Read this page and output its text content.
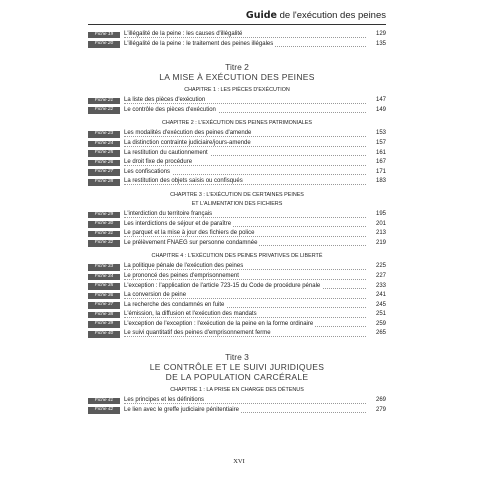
Guide de l'exécution des peines
Fiche 19	L'illégalité de la peine : les causes d'illégalité	129
Fiche 20	L'illégalité de la peine : le traitement des peines illégales	135
Titre 2
LA MISE À EXÉCUTION DES PEINES
CHAPITRE 1 : LES PIÈCES D'EXÉCUTION
Fiche 21	La liste des pièces d'exécution	147
Fiche 22	Le contrôle des pièces d'exécution	149
CHAPITRE 2 : L'EXÉCUTION DES PEINES PATRIMONIALES
Fiche 23	Les modalités d'exécution des peines d'amende	153
Fiche 24	La distinction contrainte judiciaire/jours-amende	157
Fiche 25	La restitution du cautionnement	161
Fiche 26	Le droit fixe de procédure	167
Fiche 27	Les confiscations	171
Fiche 28	La restitution des objets saisis ou confisqués	183
CHAPITRE 3 : L'EXÉCUTION DE CERTAINES PEINES
ET L'ALIMENTATION DES FICHIERS
Fiche 29	L'interdiction du territoire français	195
Fiche 30	Les interdictions de séjour et de paraître	201
Fiche 31	Le parquet et la mise à jour des fichiers de police	213
Fiche 32	Le prélèvement FNAEG sur personne condamnée	219
CHAPITRE 4 : L'EXÉCUTION DES PEINES PRIVATIVES DE LIBERTÉ
Fiche 33	La politique pénale de l'exécution des peines	225
Fiche 34	Le prononcé des peines d'emprisonnement	227
Fiche 35	L'exception : l'application de l'article 723-15 du Code de procédure pénale	233
Fiche 36	La conversion de peine	241
Fiche 37	La recherche des condamnés en fuite	245
Fiche 38	L'émission, la diffusion et l'exécution des mandats	251
Fiche 39	L'exception de l'exception : l'exécution de la peine en la forme ordinaire	259
Fiche 40	Le suivi quantitatif des peines d'emprisonnement ferme	265
Titre 3
LE CONTRÔLE ET LE SUIVI JURIDIQUES
DE LA POPULATION CARCÉRALE
CHAPITRE 1 : LA PRISE EN CHARGE DES DÉTENUS
Fiche 41	Les principes et les définitions	269
Fiche 42	Le lien avec le greffe judiciaire pénitentiaire	279
XVI
